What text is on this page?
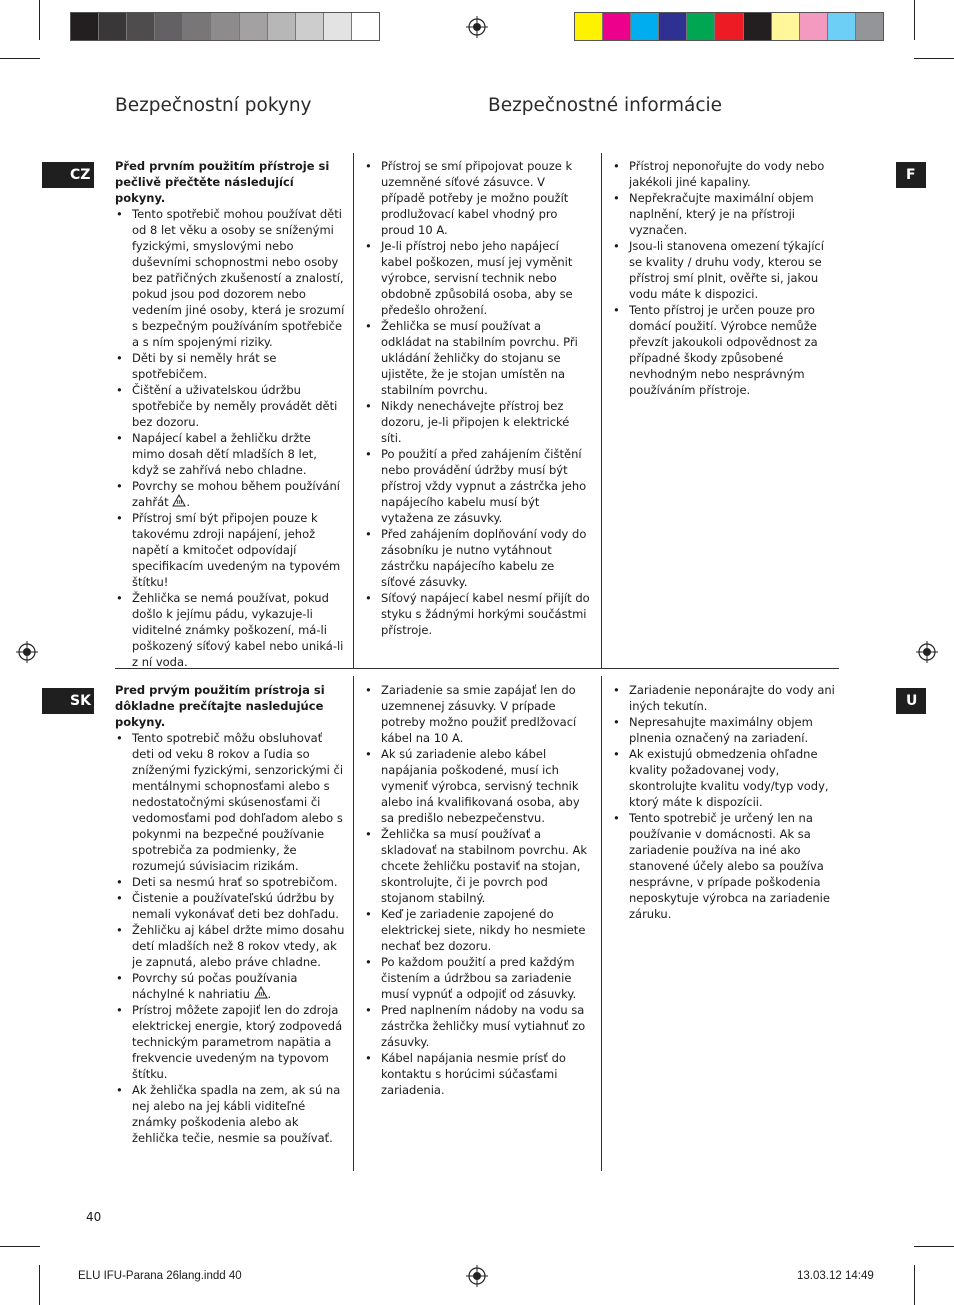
Bezpečnostní pokyny	Bezpečnostné informácie
CZ
SK
F
U
Před prvním použitím přístroje si pečlivě přečtěte následující pokyny.
• Tento spotřebič mohou používat děti od 8 let věku a osoby se sníženými fyzickými, smyslovými nebo duševními schopnostmi nebo osoby bez patřičných zkušeností a znalostí, pokud jsou pod dozorem nebo vedením jiné osoby, která je srozumí s bezpečným používáním spotřebiče a s ním spojenými riziky.
• Děti by si neměly hrát se spotřebičem.
• Čištění a uživatelskou údržbu spotřebiče by neměly provádět děti bez dozoru.
• Napájecí kabel a žehličku držte mimo dosah dětí mladších 8 let, když se zahřívá nebo chladne.
• Povrchy se mohou během používání zahřát .
• Přístroj smí být připojen pouze k takovému zdroji napájení, jehož napětí a kmitočet odpovídají specifikacím uvedeným na typovém štítku!
• Žehlička se nemá používat, pokud došlo k jejímu pádu, vykazuje-li viditelné známky poškození, má-li poškozený síťový kabel nebo uniká-li z ní voda.
• Přístroj se smí připojovat pouze k uzemněné síťové zásuvce. V případě potřeby je možno použít prodlužovací kabel vhodný pro proud 10 A.
• Je-li přístroj nebo jeho napájecí kabel poškozen, musí jej vyměnit výrobce, servisní technik nebo obdobně způsobilá osoba, aby se předešlo ohrožení.
• Žehlička se musí používat a odkládat na stabilním povrchu. Při ukládání žehličky do stojanu se ujistěte, že je stojan umístěn na stabilním povrchu.
• Nikdy nenechávejte přístroj bez dozoru, je-li připojen k elektrické síti.
• Po použití a před zahájením čištění nebo provádění údržby musí být přístroj vždy vypnut a zástrčka jeho napájecího kabelu musí být vytažena ze zásuvky.
• Před zahájením doplňování vody do zásobníku je nutno vytáhnout zástrčku napájecího kabelu ze síťové zásuvky.
• Síťový napájecí kabel nesmí přijít do styku s žádnými horkými součástmi přístroje.
• Přístroj neponořujte do vody nebo jakékoli jiné kapaliny.
• Nepřekračujte maximální objem naplnění, který je na přístroji vyznačen.
• Jsou-li stanovena omezení týkající se kvality / druhu vody, kterou se přístroj smí plnit, ověřte si, jakou vodu máte k dispozici.
• Tento přístroj je určen pouze pro domácí použití. Výrobce nemůže převzít jakoukoli odpovědnost za případné škody způsobené nevhodným nebo nesprávným používáním přístroje.
Pred prvým použitím prístroja si dôkladne prečítajte nasledujúce pokyny.
• Tento spotrebič môžu obsluhovať deti od veku 8 rokov a ľudia so zníženými fyzickými, senzorickými či mentálnymi schopnosťami alebo s nedostatočnými skúsenosťami či vedomosťami pod dohľadom alebo s pokynmi na bezpečné používanie spotrebiča za podmienky, že rozumejú súvisiacim rizikám.
• Deti sa nesmú hrať so spotrebičom.
• Čistenie a používateľskú údržbu by nemali vykonávať deti bez dohľadu.
• Žehličku aj kábel držte mimo dosahu detí mladších než 8 rokov vtedy, ak je zapnutá, alebo práve chladne.
• Povrchy sú počas používania náchylné k nahriatiu .
• Prístroj môžete zapojiť len do zdroja elektrickej energie, ktorý zodpovedá technickým parametrom napätia a frekvencie uvedeným na typovom štítku.
• Ak žehlička spadla na zem, ak sú na nej alebo na jej kábli viditeľné známky poškodenia alebo ak žehlička tečie, nesmie sa používať.
• Zariadenie sa smie zapájať len do uzemnenej zásuvky. V prípade potreby možno použiť predlžovací kábel na 10 A.
• Ak sú zariadenie alebo kábel napájania poškodené, musí ich vymeniť výrobca, servisný technik alebo iná kvalifikovaná osoba, aby sa predišlo nebezpečenstvu.
• Žehlička sa musí používať a skladovať na stabilnom povrchu. Ak chcete žehličku postaviť na stojan, skontrolujte, či je povrch pod stojanom stabilný.
• Keď je zariadenie zapojené do elektrickej siete, nikdy ho nesmiete nechať bez dozoru.
• Po každom použití a pred každým čistením a údržbou sa zariadenie musí vypnúť a odpojiť od zásuvky.
• Pred naplnením nádoby na vodu sa zástrčka žehličky musí vytiahnuť zo zásuvky.
• Kábel napájania nesmie prísť do kontaktu s horúcimi súčasťami zariadenia.
• Zariadenie neponárajte do vody ani iných tekutín.
• Nepresahujte maximálny objem plnenia označený na zariadení.
• Ak existujú obmedzenia ohľadne kvality požadovanej vody, skontrolujte kvalitu vody/typ vody, ktorý máte k dispozícii.
• Tento spotrebič je určený len na používanie v domácnosti. Ak sa zariadenie používa na iné ako stanovené účely alebo sa používa nesprávne, v prípade poškodenia neposkytuje výrobca na zariadenie záruku.
40
ELU IFU-Parana 26lang.indd 40	13.03.12 14:49
